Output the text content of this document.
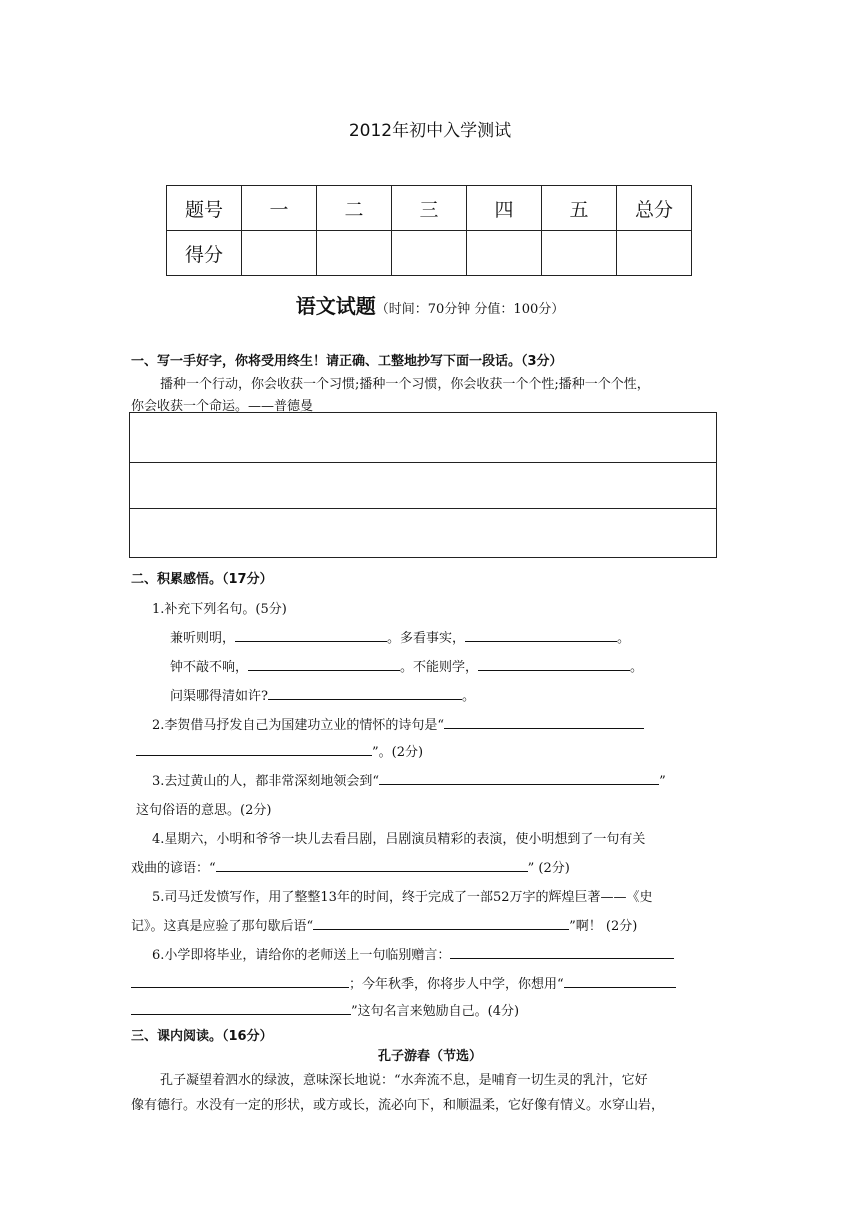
2012年初中入学测试
题号	一	二	三	四	五	总分
得分						
语文试题（时间：70分钟 分值：100分）
一、写一手好字，你将受用终生！请正确、工整地抄写下面一段话。（3分）
播种一个行动，你会收获一个习惯;播种一个习惯，你会收获一个个性;播种一个个性，
你会收获一个命运。——普德曼
二、积累感悟。（17分）
1.补充下列名句。(5分)
兼听则明，	。多看事实，	。
钟不敲不响，	。不能则学，	。
问渠哪得清如许?	。
2.李贺借马抒发自己为国建功立业的情怀的诗句是“
”。(2分)
3.去过黄山的人，都非常深刻地领会到“	”
这句俗语的意思。(2分)
4.星期六，小明和爷爷一块儿去看吕剧，吕剧演员精彩的表演，使小明想到了一句有关
戏曲的谚语：“	” (2分)
5.司马迁发愤写作，用了整整13年的时间，终于完成了一部52万字的辉煌巨著——《史
记》。这真是应验了那句歇后语“	”啊！ (2分)
6.小学即将毕业，请给你的老师送上一句临别赠言：
；今年秋季，你将步人中学，你想用“
”这句名言来勉励自己。(4分)
三、课内阅读。（16分）
孔子游春（节选）
孔子凝望着泗水的绿波，意味深长地说：“水奔流不息，是哺育一切生灵的乳汁，它好
像有德行。水没有一定的形状，或方或长，流必向下，和顺温柔，它好像有情义。水穿山岩，
